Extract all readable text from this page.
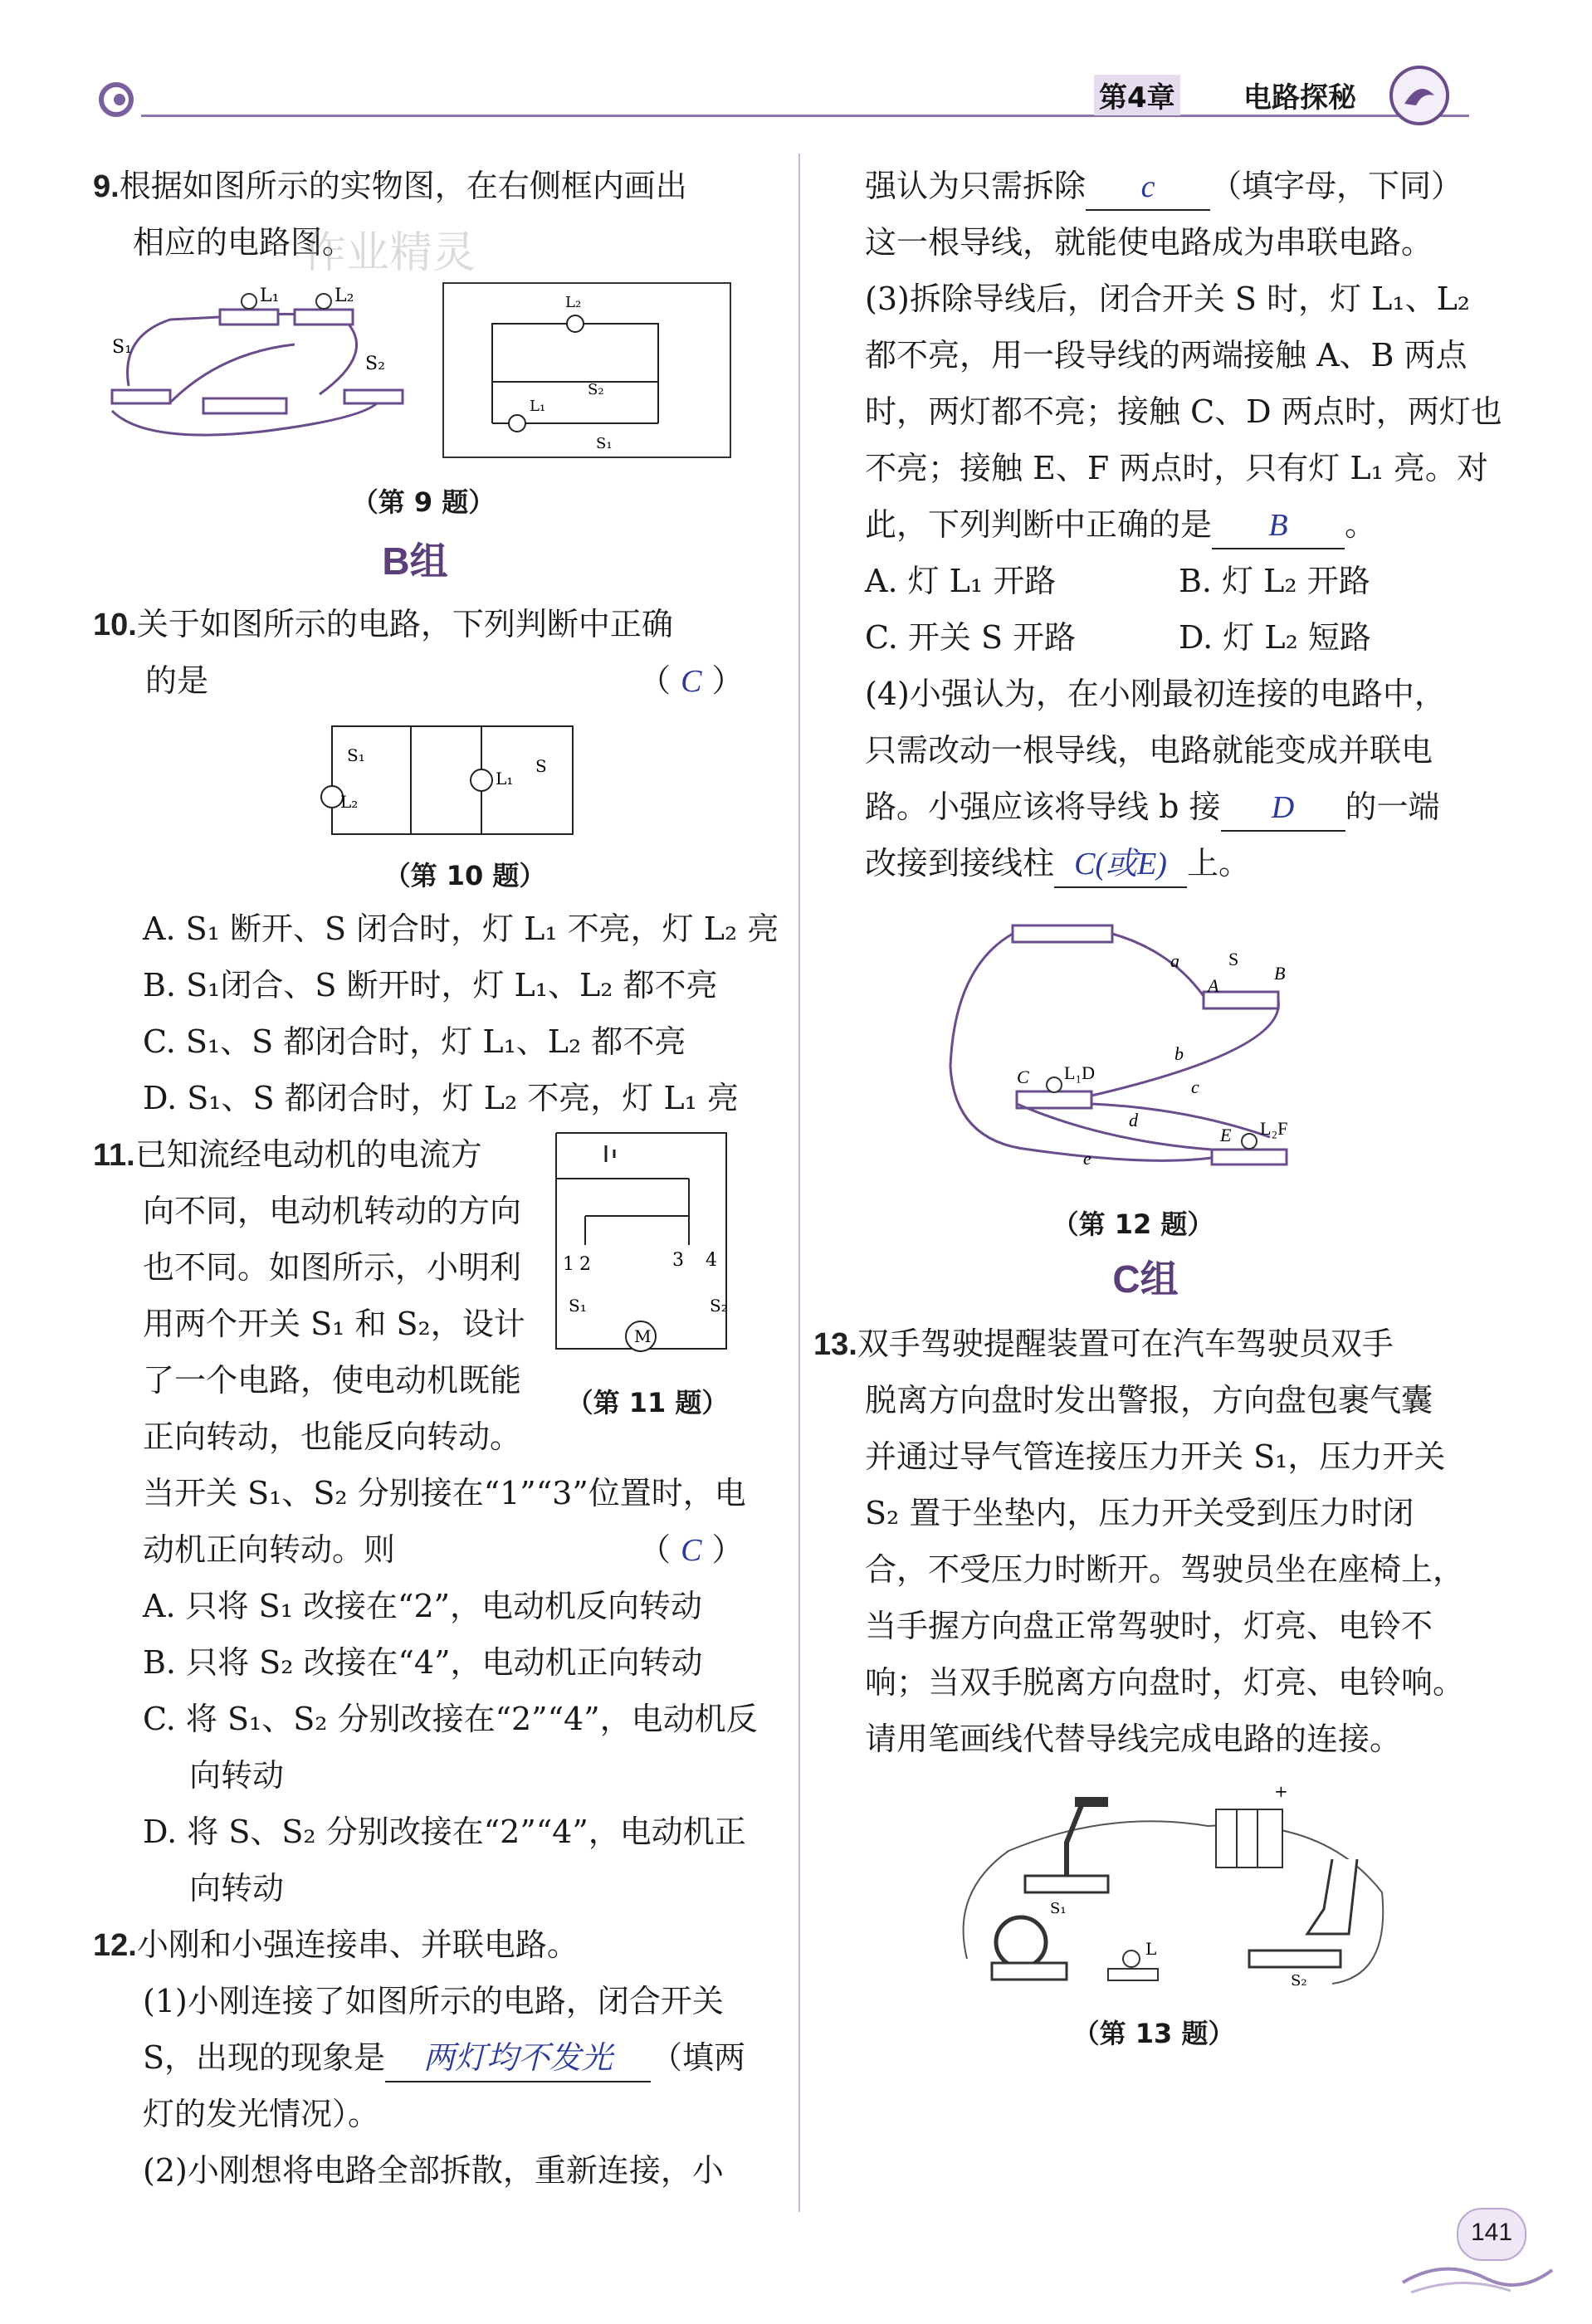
第4章 电路探秘
9.根据如图所示的实物图，在右侧框内画出
相应的电路图。
作业精灵
L₁	L₂
S₁
S₂
L₂
L₁
S₂
S₁
（第 9 题）
B组
10.关于如图所示的电路，下列判断中正确
的是	（ C ）
S₁
L₂
L₁
S
（第 10 题）
A. S₁ 断开、S 闭合时，灯 L₁ 不亮，灯 L₂ 亮
B. S₁闭合、S 断开时，灯 L₁、L₂ 都不亮
C. S₁、S 都闭合时，灯 L₁、L₂ 都不亮
D. S₁、S 都闭合时，灯 L₂ 不亮，灯 L₁ 亮
11.已知流经电动机的电流方
向不同，电动机转动的方向
也不同。如图所示，小明利
用两个开关 S₁ 和 S₂，设计
了一个电路，使电动机既能
正向转动，也能反向转动。
M
1 2	3 4
S₁	S₂
（第 11 题）
当开关 S₁、S₂ 分别接在“1”“3”位置时，电
动机正向转动。则	（ C ）
A. 只将 S₁ 改接在“2”，电动机反向转动
B. 只将 S₂ 改接在“4”，电动机正向转动
C. 将 S₁、S₂ 分别改接在“2”“4”，电动机反
向转动
D. 将 S、S₂ 分别改接在“2”“4”，电动机正
向转动
12.小刚和小强连接串、并联电路。
(1)小刚连接了如图所示的电路，闭合开关
S，出现的现象是 两灯均不发光 （填两
灯的发光情况）。
(2)小刚想将电路全部拆散，重新连接，小
强认为只需拆除 c （填字母，下同）
这一根导线，就能使电路成为串联电路。
(3)拆除导线后，闭合开关 S 时，灯 L₁、L₂
都不亮，用一段导线的两端接触 A、B 两点
时，两灯都不亮；接触 C、D 两点时，两灯也
不亮；接触 E、F 两点时，只有灯 L₁ 亮。对
此，下列判断中正确的是 B 。
A. 灯 L₁ 开路	B. 灯 L₂ 开路
C. 开关 S 开路	D. 灯 L₂ 短路
(4)小强认为，在小刚最初连接的电路中，
只需改动一根导线，电路就能变成并联电
路。小强应该将导线 b 接 D 的一端
改接到接线柱 C(或E) 上。
a
A
S
B
C L₁D
b
c
d
E L₂F
e
（第 12 题）
C组
13.双手驾驶提醒装置可在汽车驾驶员双手
脱离方向盘时发出警报，方向盘包裹气囊
并通过导气管连接压力开关 S₁，压力开关
S₂ 置于坐垫内，压力开关受到压力时闭
合，不受压力时断开。驾驶员坐在座椅上，
当手握方向盘正常驾驶时，灯亮、电铃不
响；当双手脱离方向盘时，灯亮、电铃响。
请用笔画线代替导线完成电路的连接。
S₁
+
L
S₂
（第 13 题）
141
